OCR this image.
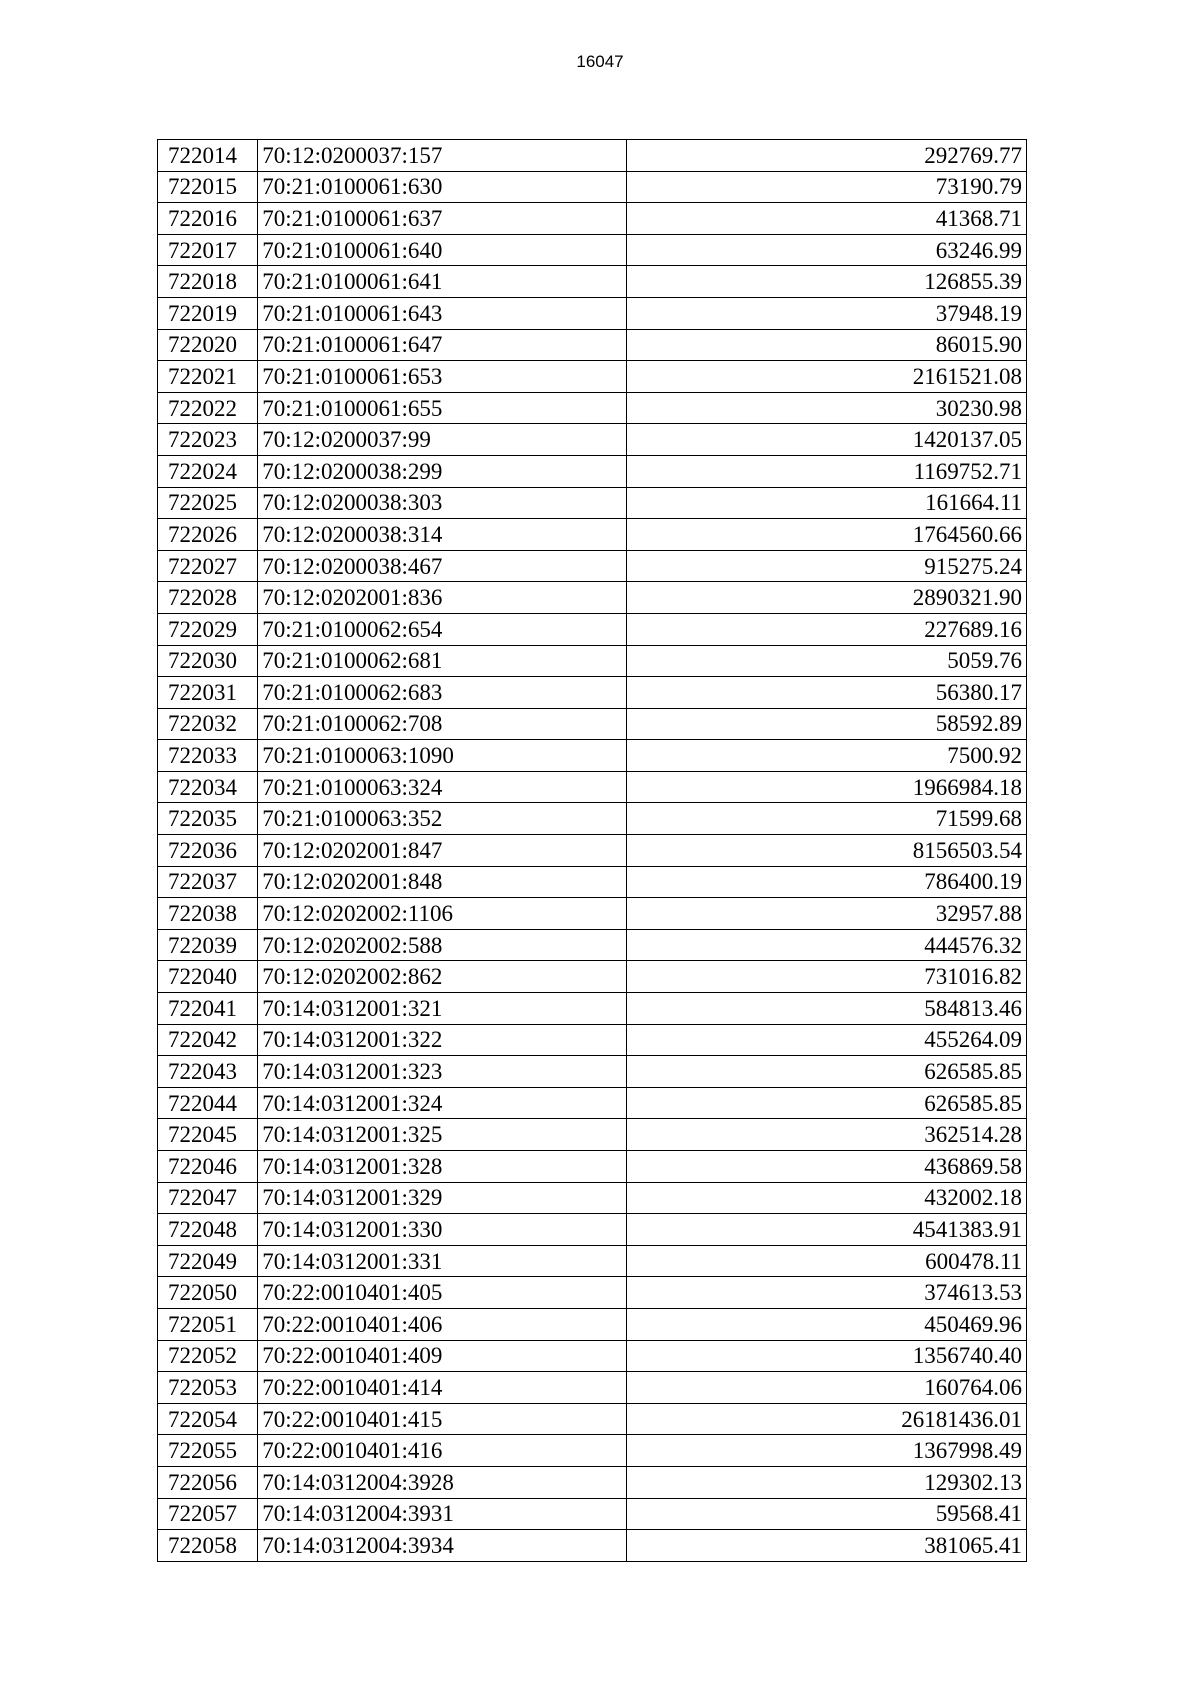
16047
722014	70:12:0200037:157	292769.77
722015	70:21:0100061:630	73190.79
722016	70:21:0100061:637	41368.71
722017	70:21:0100061:640	63246.99
722018	70:21:0100061:641	126855.39
722019	70:21:0100061:643	37948.19
722020	70:21:0100061:647	86015.90
722021	70:21:0100061:653	2161521.08
722022	70:21:0100061:655	30230.98
722023	70:12:0200037:99	1420137.05
722024	70:12:0200038:299	1169752.71
722025	70:12:0200038:303	161664.11
722026	70:12:0200038:314	1764560.66
722027	70:12:0200038:467	915275.24
722028	70:12:0202001:836	2890321.90
722029	70:21:0100062:654	227689.16
722030	70:21:0100062:681	5059.76
722031	70:21:0100062:683	56380.17
722032	70:21:0100062:708	58592.89
722033	70:21:0100063:1090	7500.92
722034	70:21:0100063:324	1966984.18
722035	70:21:0100063:352	71599.68
722036	70:12:0202001:847	8156503.54
722037	70:12:0202001:848	786400.19
722038	70:12:0202002:1106	32957.88
722039	70:12:0202002:588	444576.32
722040	70:12:0202002:862	731016.82
722041	70:14:0312001:321	584813.46
722042	70:14:0312001:322	455264.09
722043	70:14:0312001:323	626585.85
722044	70:14:0312001:324	626585.85
722045	70:14:0312001:325	362514.28
722046	70:14:0312001:328	436869.58
722047	70:14:0312001:329	432002.18
722048	70:14:0312001:330	4541383.91
722049	70:14:0312001:331	600478.11
722050	70:22:0010401:405	374613.53
722051	70:22:0010401:406	450469.96
722052	70:22:0010401:409	1356740.40
722053	70:22:0010401:414	160764.06
722054	70:22:0010401:415	26181436.01
722055	70:22:0010401:416	1367998.49
722056	70:14:0312004:3928	129302.13
722057	70:14:0312004:3931	59568.41
722058	70:14:0312004:3934	381065.41
